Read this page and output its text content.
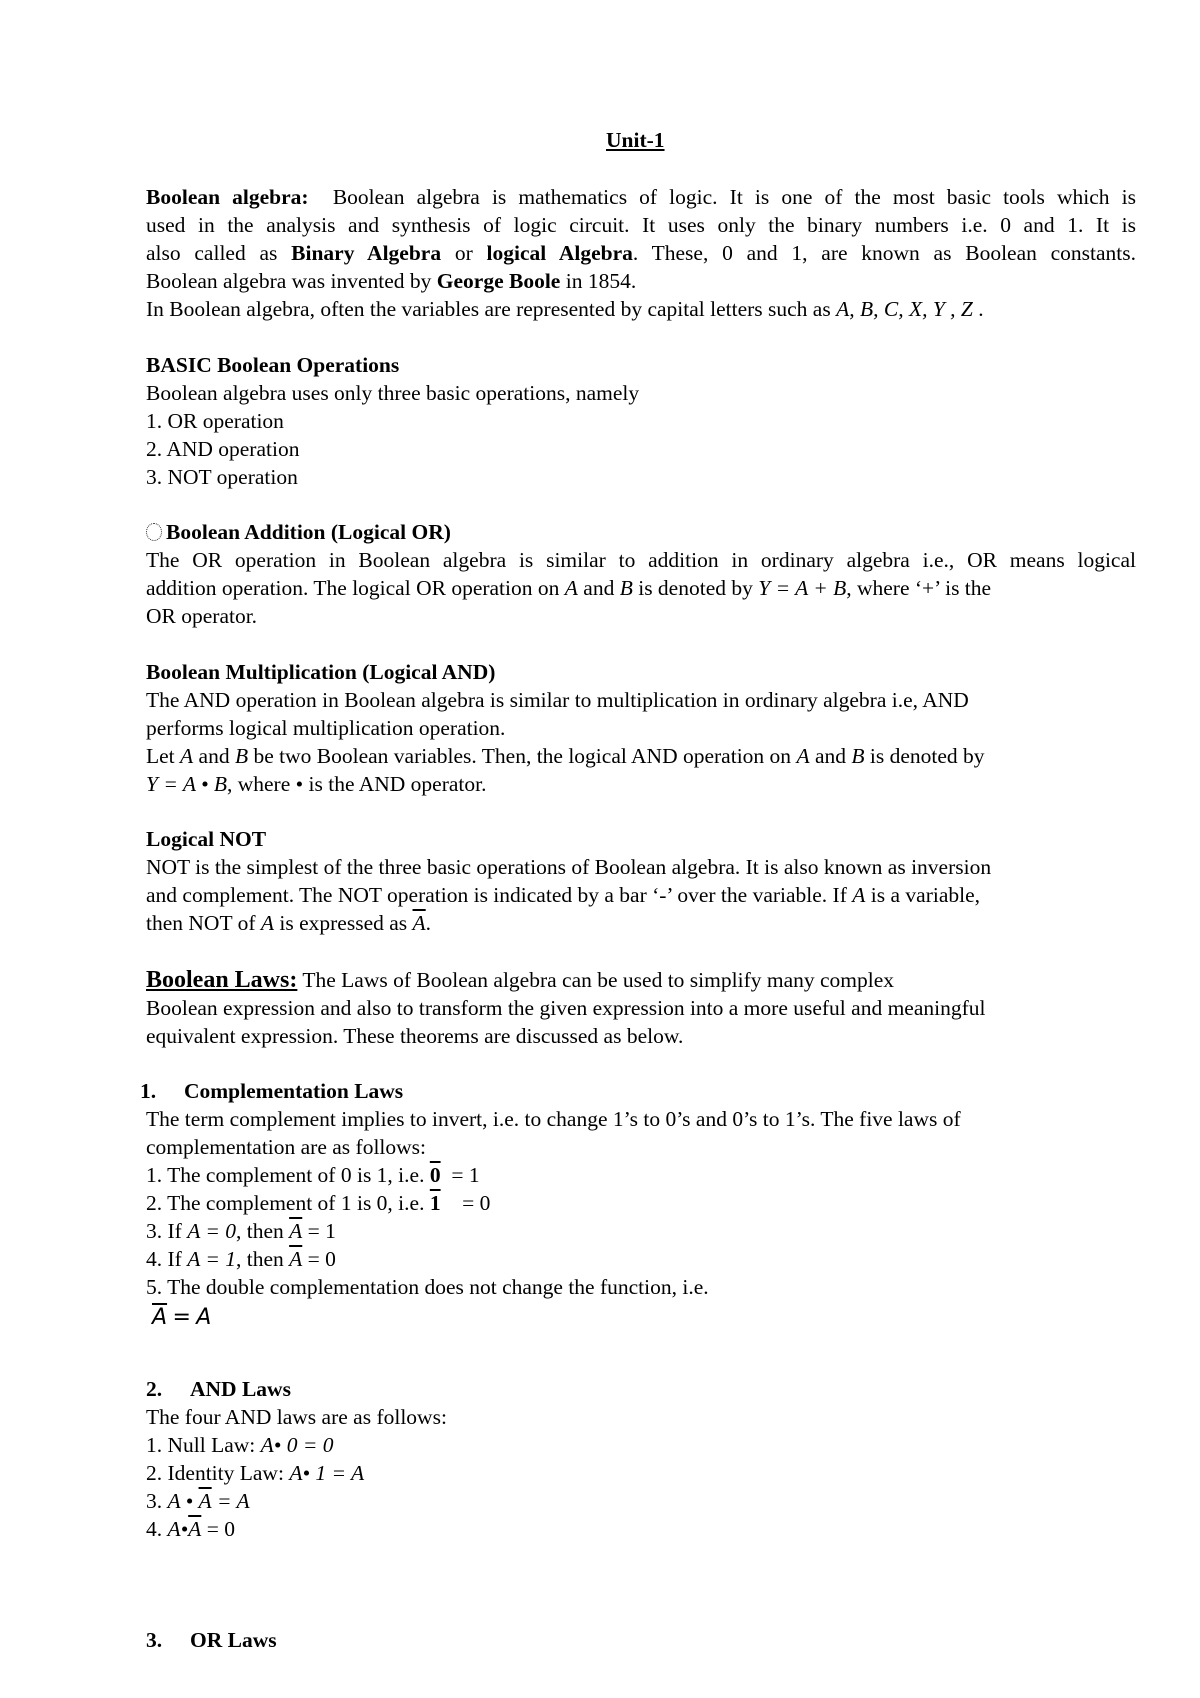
Unit-1
Boolean algebra: Boolean algebra is mathematics of logic. It is one of the most basic tools which is
used in the analysis and synthesis of logic circuit. It uses only the binary numbers i.e. 0 and 1. It is
also called as Binary Algebra or logical Algebra. These, 0 and 1, are known as Boolean constants.
Boolean algebra was invented by George Boole in 1854.
In Boolean algebra, often the variables are represented by capital letters such as A, B, C, X, Y , Z .
BASIC Boolean Operations
Boolean algebra uses only three basic operations, namely
1. OR operation
2. AND operation
3. NOT operation
Boolean Addition (Logical OR)
The OR operation in Boolean algebra is similar to addition in ordinary algebra i.e., OR means logical
addition operation. The logical OR operation on A and B is denoted by Y = A + B, where ‘+’ is the
OR operator.
Boolean Multiplication (Logical AND)
The AND operation in Boolean algebra is similar to multiplication in ordinary algebra i.e, AND
performs logical multiplication operation.
Let A and B be two Boolean variables. Then, the logical AND operation on A and B is denoted by
Y = A • B, where • is the AND operator.
Logical NOT
NOT is the simplest of the three basic operations of Boolean algebra. It is also known as inversion
and complement. The NOT operation is indicated by a bar ‘-’ over the variable. If A is a variable,
then NOT of A is expressed as $\overline{A}$.
Boolean Laws: The Laws of Boolean algebra can be used to simplify many complex
Boolean expression and also to transform the given expression into a more useful and meaningful
equivalent expression. These theorems are discussed as below.
1. Complementation Laws
The term complement implies to invert, i.e. to change 1’s to 0’s and 0’s to 1’s. The five laws of
complementation are as follows:
1. The complement of 0 is 1, i.e. 0 = 1
2. The complement of 1 is 0, i.e. 1 = 0
3. If A = 0, then $\overline{A} = 1$
4. If A = 1, then $\overline{A} = 0$
5. The double complementation does not change the function, i.e.
$\overline{A} = A$
2. AND Laws
The four AND laws are as follows:
1. Null Law: A• 0 = 0
2. Identity Law: A• 1 = A
3. A • $\overline{A} = A$
4. $A•\overline{A} = 0$
3. OR Laws
